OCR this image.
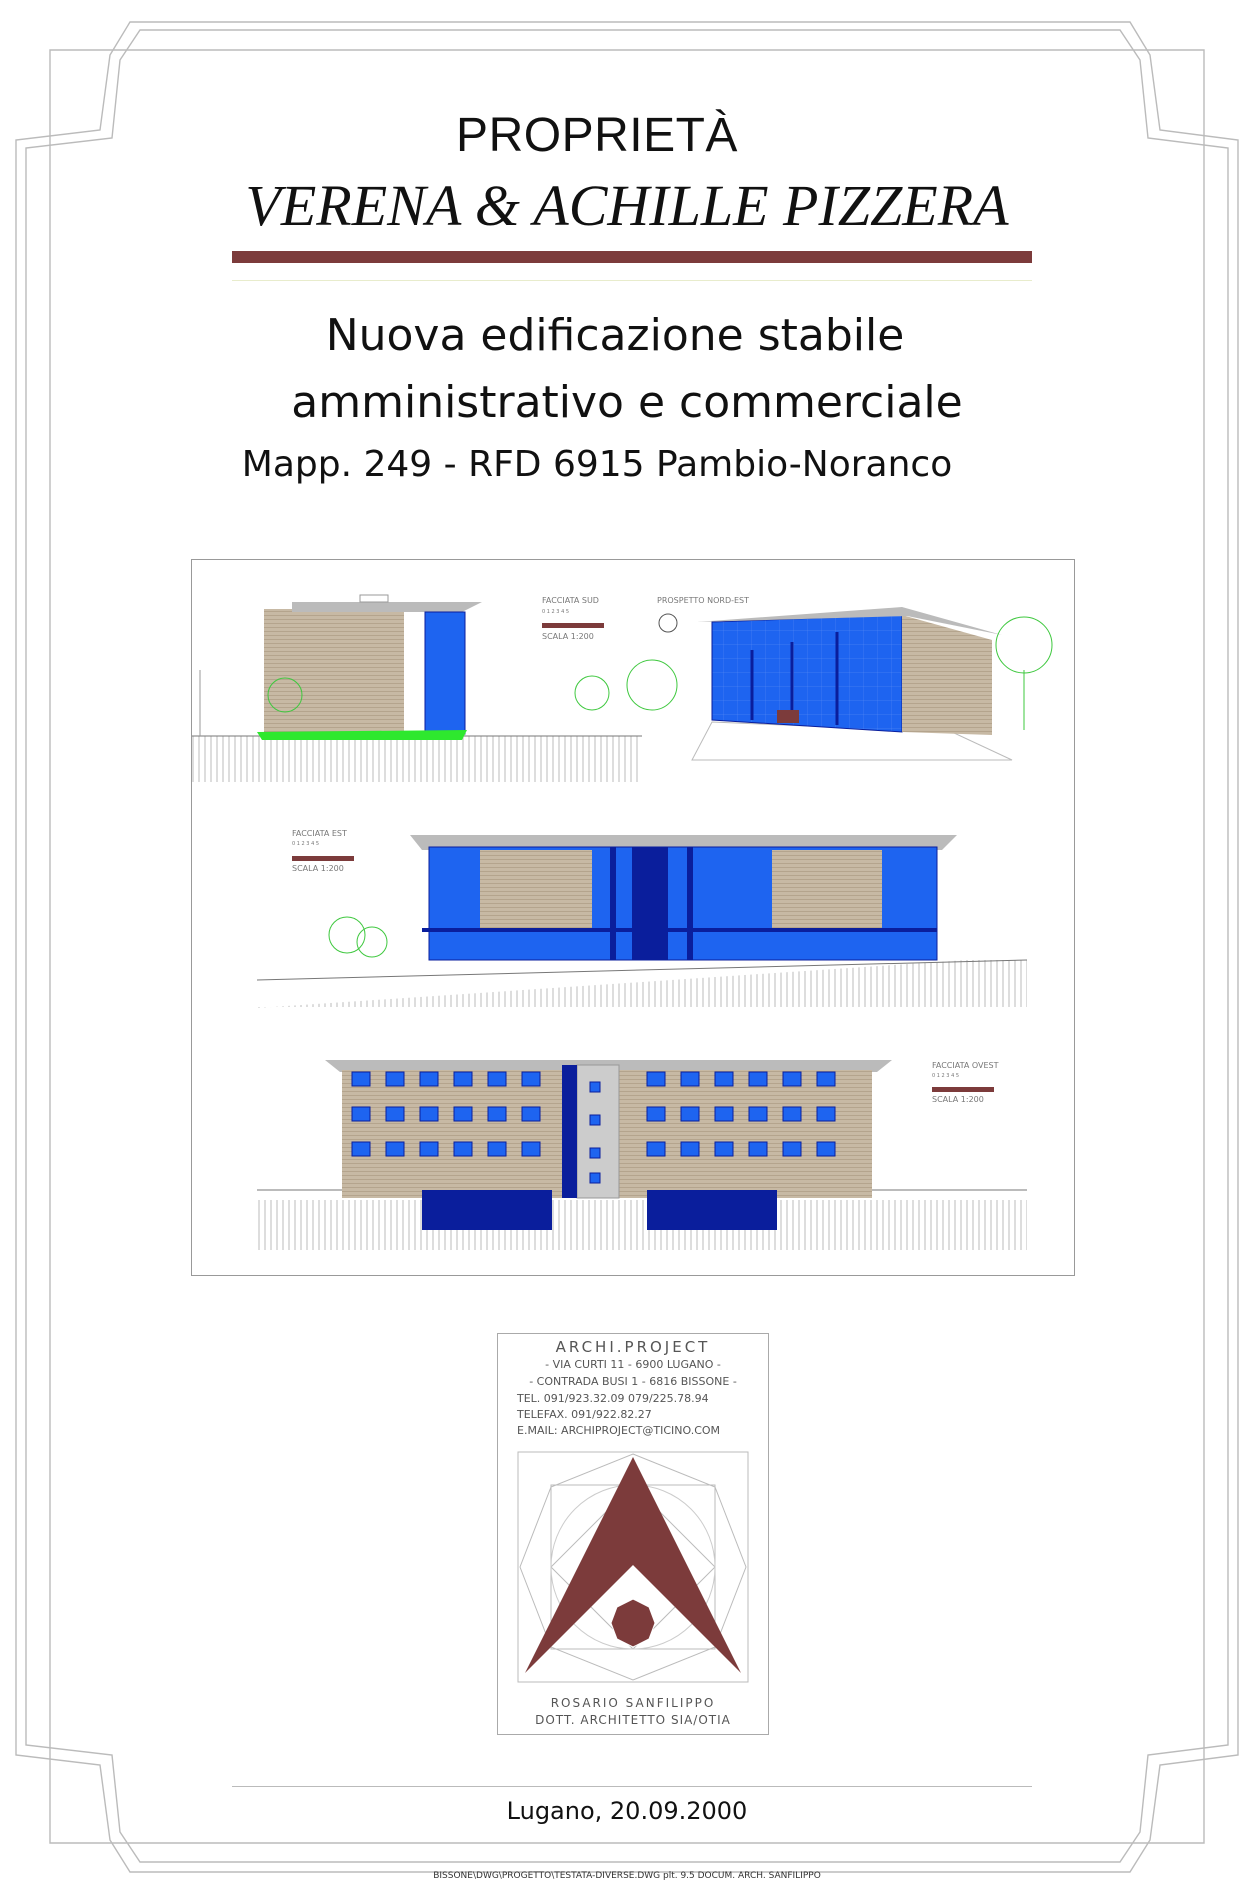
PROPRIETÀ
VERENA & ACHILLE PIZZERA
Nuova edificazione stabile
amministrativo e commerciale
Mapp. 249 - RFD 6915 Pambio-Noranco
FACCIATA SUD
0 1 2 3 4 5
SCALA 1:200
PROSPETTO NORD-EST
FACCIATA EST
0 1 2 3 4 5
SCALA 1:200
FACCIATA OVEST
0 1 2 3 4 5
SCALA 1:200
ARCHI.PROJECT
- VIA CURTI 11 - 6900 LUGANO -
- CONTRADA BUSI 1 - 6816 BISSONE -
TEL. 091/923.32.09 079/225.78.94
TELEFAX. 091/922.82.27
E.MAIL: ARCHIPROJECT@TICINO.COM
ROSARIO SANFILIPPO
DOTT. ARCHITETTO SIA/OTIA
Lugano, 20.09.2000
BISSONE\DWG\PROGETTO\TESTATA-DIVERSE.DWG plt. 9.5 DOCUM. ARCH. SANFILIPPO
